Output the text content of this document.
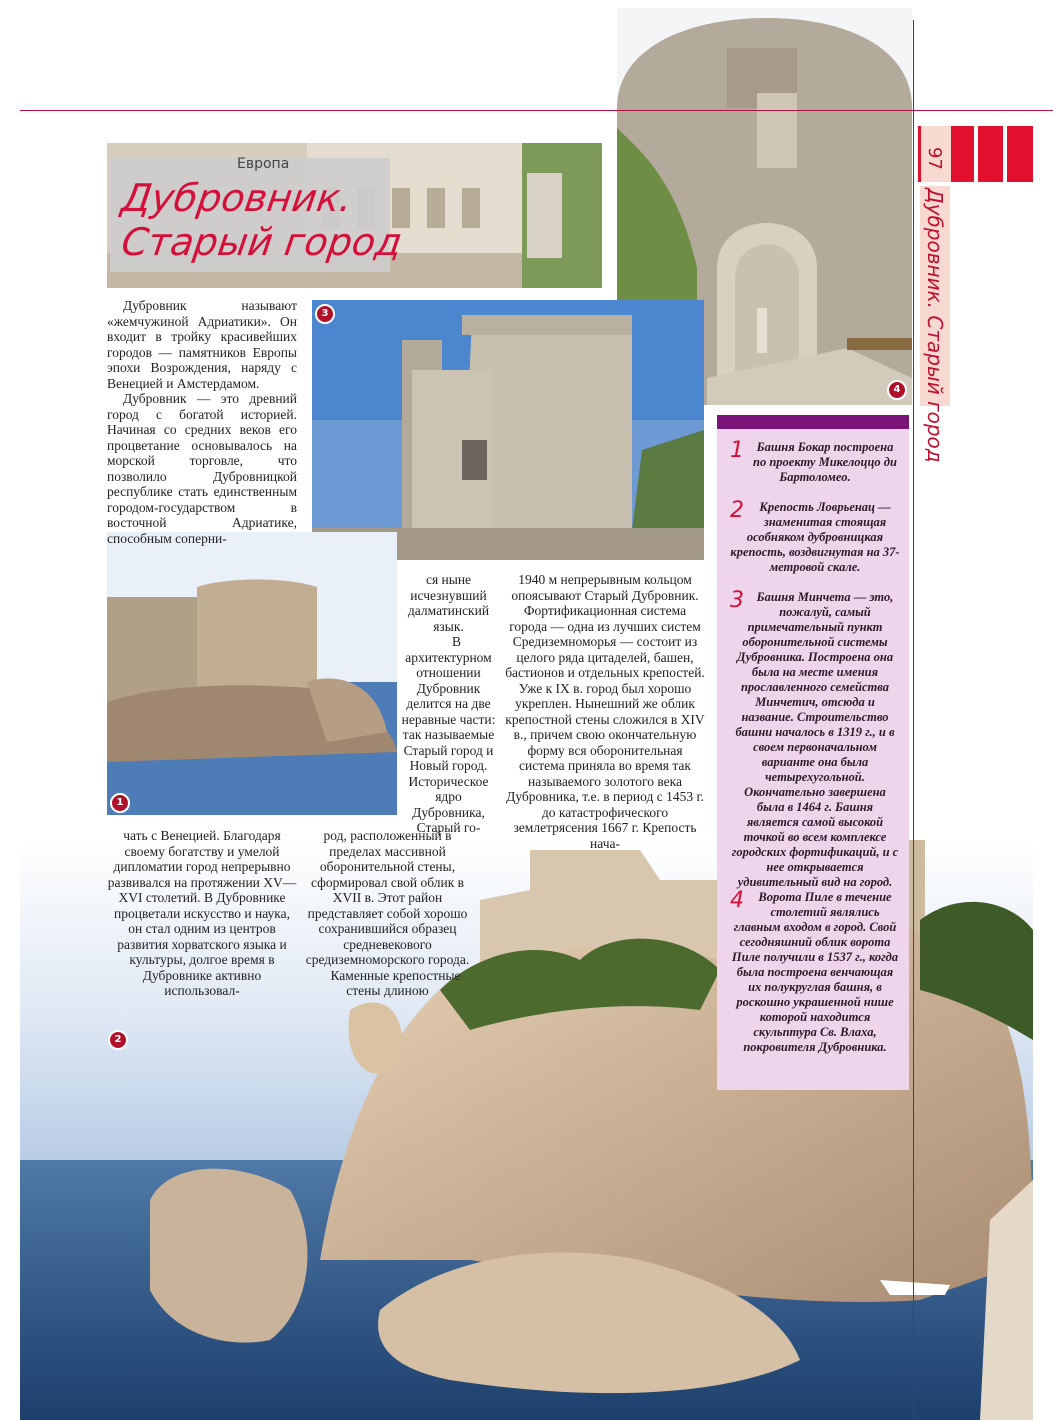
Европа
Дубровник.
Старый город
97
Дубровник. Старый город
3
4
1
2

Дубровник называют «жемчужиной Адриатики». Он входит в тройку красивейших городов — памятников Европы эпохи Возрождения, наряду с Венецией и Амстердамом.

Дубровник — это древний город с богатой историей. Начиная со средних веков его процветание основывалось на морской торговле, что позволило Дубровницкой республике стать единственным городом-государством в восточной Адриатике, способным соперни-

ся ныне исчезнувший далматинский язык.

В архитектурном отношении Дубровник делится на две неравные части: так называемые Старый город и Новый город. Историческое ядро Дубровника, Старый го-

1940 м непрерывным кольцом опоясывают Старый Дубровник. Фортификационная система города — одна из лучших систем Средиземноморья — состоит из целого ряда цитаделей, башен, бастионов и отдельных крепостей. Уже к IX в. город был хорошо укреплен. Нынешний же облик крепостной стены сложился в XIV в., причем свою окончательную форму вся оборонительная система приняла во время так называемого золотого века Дубровника, т.е. в период с 1453 г. до катастрофического землетрясения 1667 г. Крепость нача-

чать с Венецией. Благодаря своему богатству и умелой дипломатии город непрерывно развивался на протяжении XV—XVI столетий. В Дубровнике процветали искусство и наука, он стал одним из центров развития хорватского языка и культуры, долгое время в Дубровнике активно использовал-

род, расположенный в пределах массивной оборонительной стены, сформировал свой облик в XVII в. Этот район представляет собой хорошо сохранившийся образец средневекового средиземноморского города.

Каменные крепостные стены длиною

1 Башня Бокар построена по проекту Микелоццо ди Бартоломео.
2 Крепость Ловрьенац — знаменитая стоящая особняком дубровницкая крепость, воздвигнутая на 37-метровой скале.
3 Башня Минчета — это, пожалуй, самый примечательный пункт оборонительной системы Дубровника. Построена она была на месте имения прославленного семейства Минчетич, отсюда и название. Строительство башни началось в 1319 г., и в своем первоначальном варианте она была четырехугольной. Окончательно завершена была в 1464 г. Башня является самой высокой точкой во всем комплексе городских фортификаций, и с нее открывается удивительный вид на город.
4 Ворота Пиле в течение столетий являлись главным входом в город. Свой сегодняшний облик ворота Пиле получили в 1537 г., когда была построена венчающая их полукруглая башня, в роскошно украшенной нише которой находится скульптура Св. Влаха, покровителя Дубровника.
